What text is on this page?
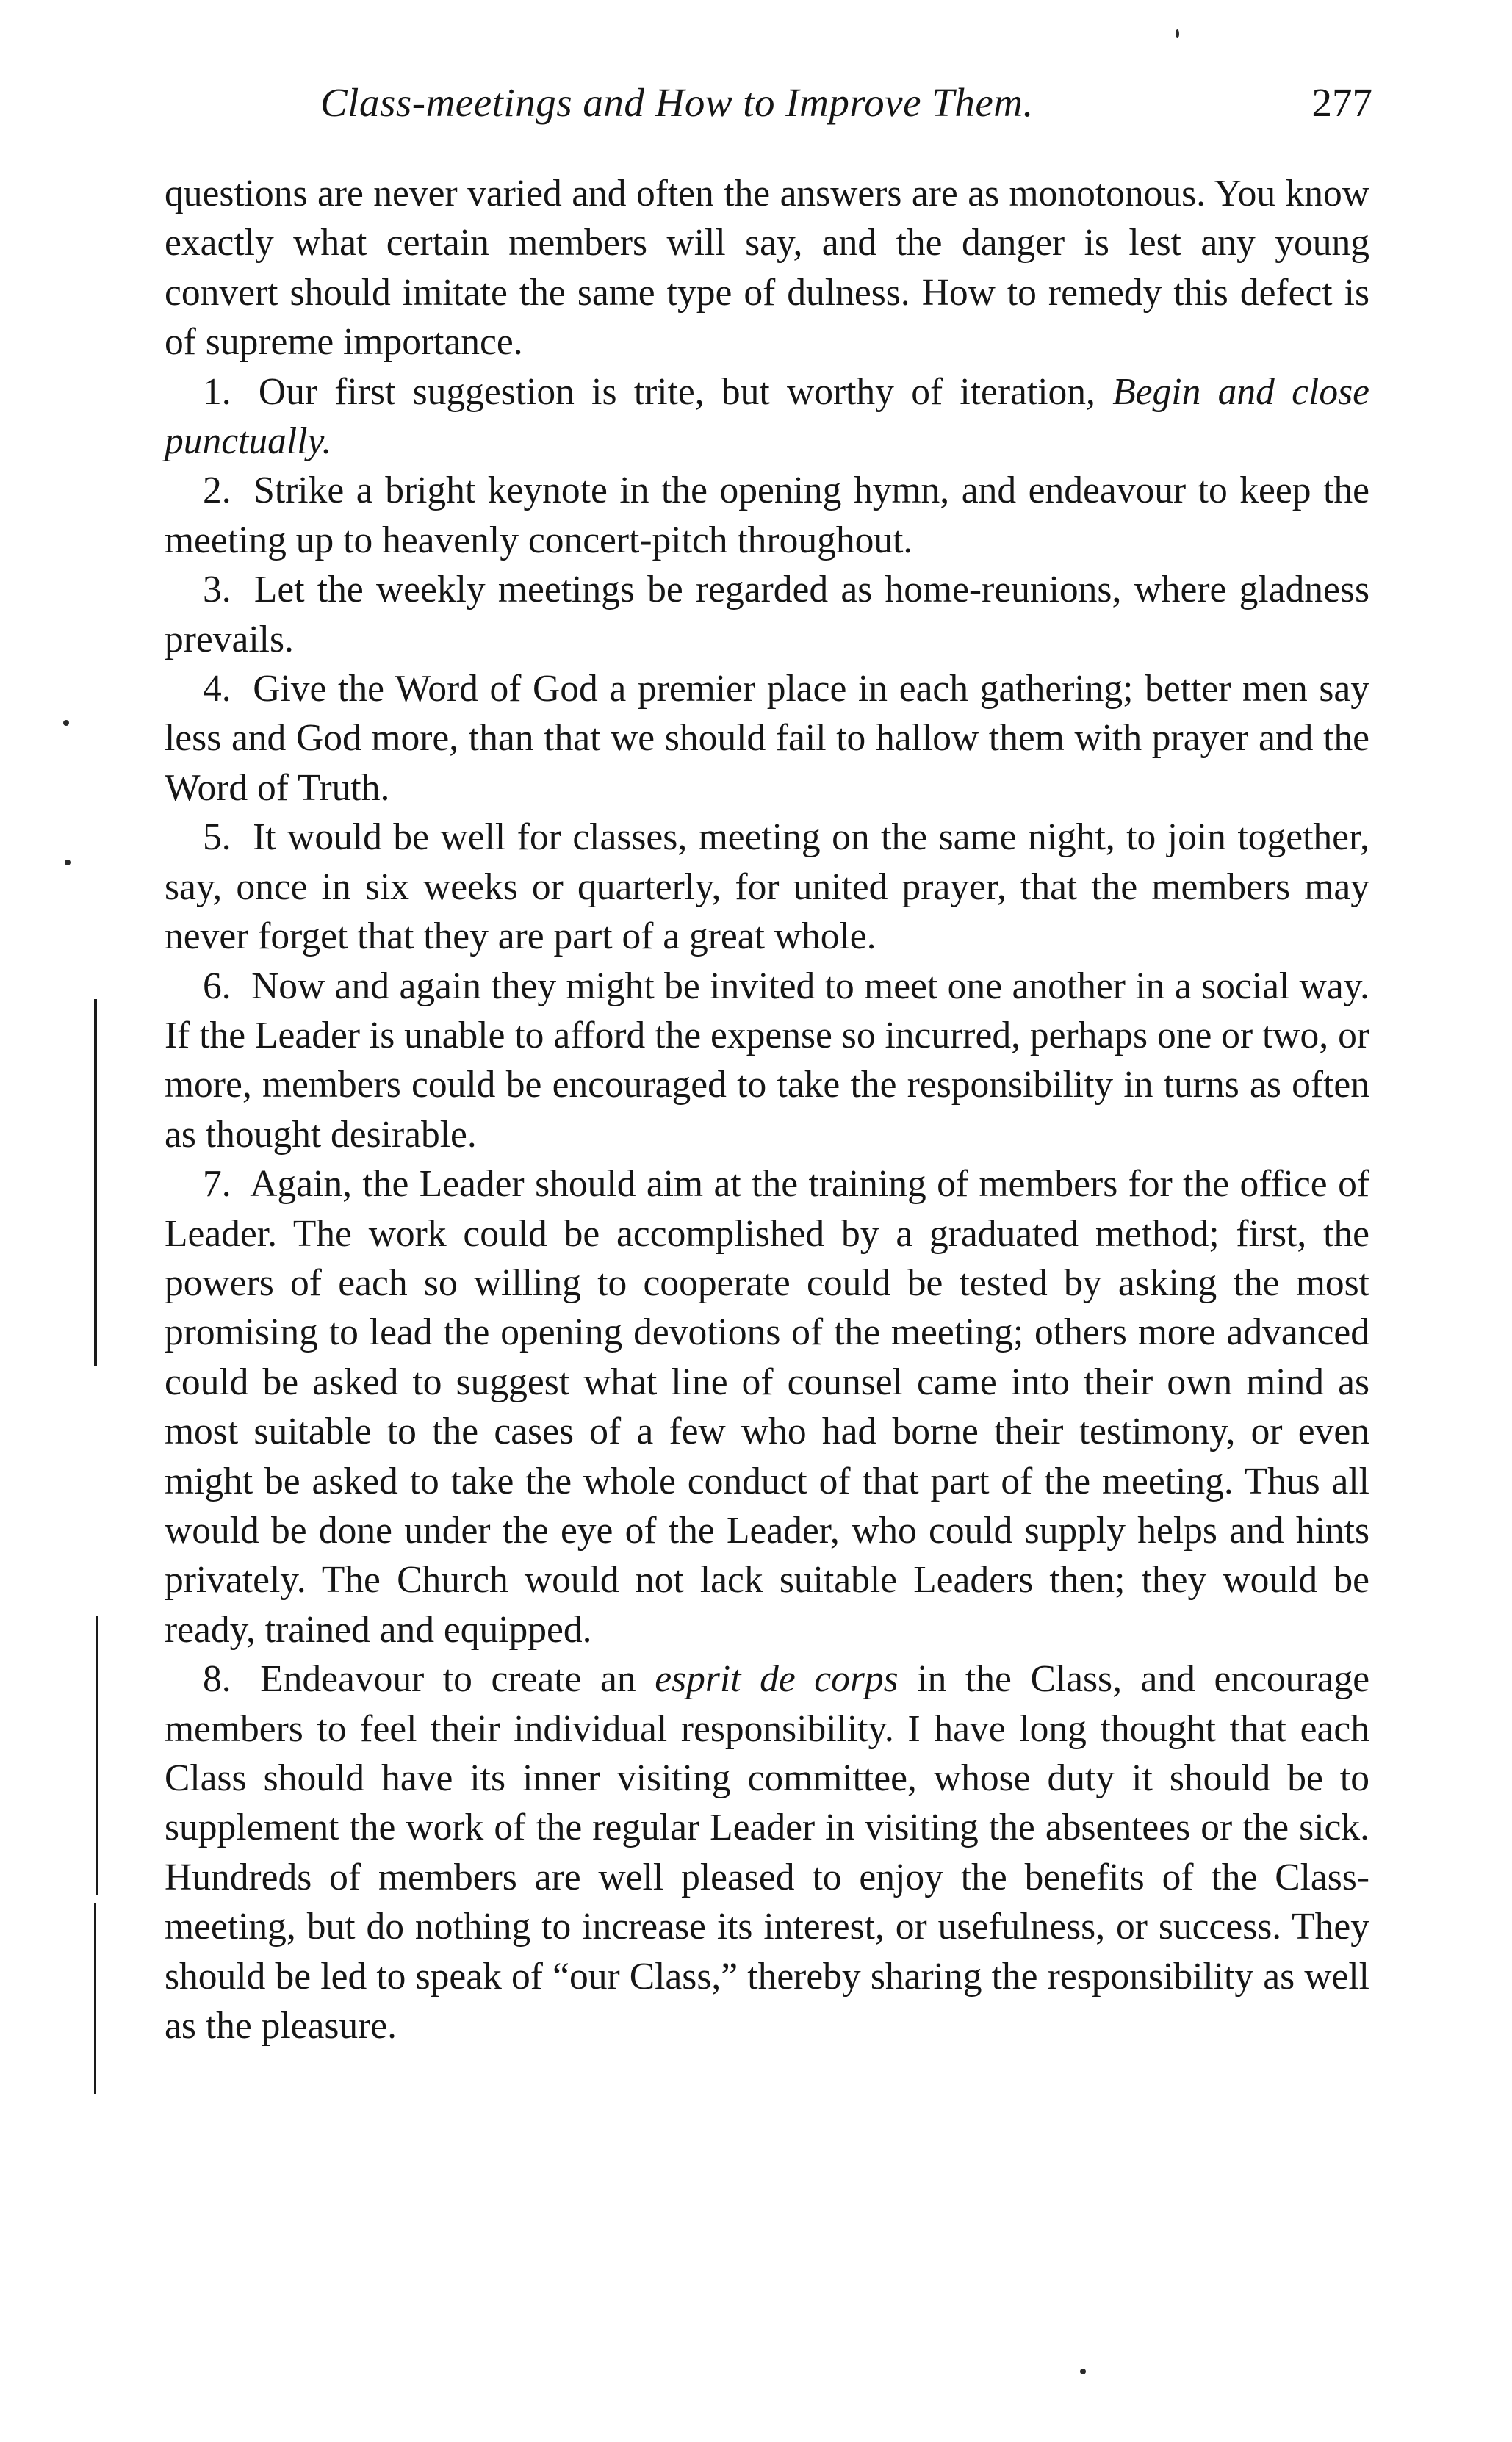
Class-meetings and How to Improve Them.	277

questions are never varied and often the answers are as monotonous. You know exactly what certain members will say, and the danger is lest any young convert should imitate the same type of dulness. How to remedy this defect is of supreme importance.

1. Our first suggestion is trite, but worthy of iteration, Begin and close punctually.

2. Strike a bright keynote in the opening hymn, and endeavour to keep the meeting up to heavenly concert-pitch throughout.

3. Let the weekly meetings be regarded as home-reunions, where gladness prevails.

4. Give the Word of God a premier place in each gathering; better men say less and God more, than that we should fail to hallow them with prayer and the Word of Truth.

5. It would be well for classes, meeting on the same night, to join together, say, once in six weeks or quarterly, for united prayer, that the members may never forget that they are part of a great whole.

6. Now and again they might be invited to meet one another in a social way. If the Leader is unable to afford the expense so incurred, perhaps one or two, or more, members could be encouraged to take the responsibility in turns as often as thought desirable.

7. Again, the Leader should aim at the training of members for the office of Leader. The work could be accomplished by a graduated method; first, the powers of each so willing to cooperate could be tested by asking the most promising to lead the opening devotions of the meeting; others more advanced could be asked to suggest what line of counsel came into their own mind as most suitable to the cases of a few who had borne their testimony, or even might be asked to take the whole conduct of that part of the meeting. Thus all would be done under the eye of the Leader, who could supply helps and hints privately. The Church would not lack suitable Leaders then; they would be ready, trained and equipped.

8. Endeavour to create an esprit de corps in the Class, and encourage members to feel their individual responsibility. I have long thought that each Class should have its inner visiting committee, whose duty it should be to supplement the work of the regular Leader in visiting the absentees or the sick. Hundreds of members are well pleased to enjoy the benefits of the Class-meeting, but do nothing to increase its interest, or usefulness, or success. They should be led to speak of “our Class,” thereby sharing the responsibility as well as the pleasure.
